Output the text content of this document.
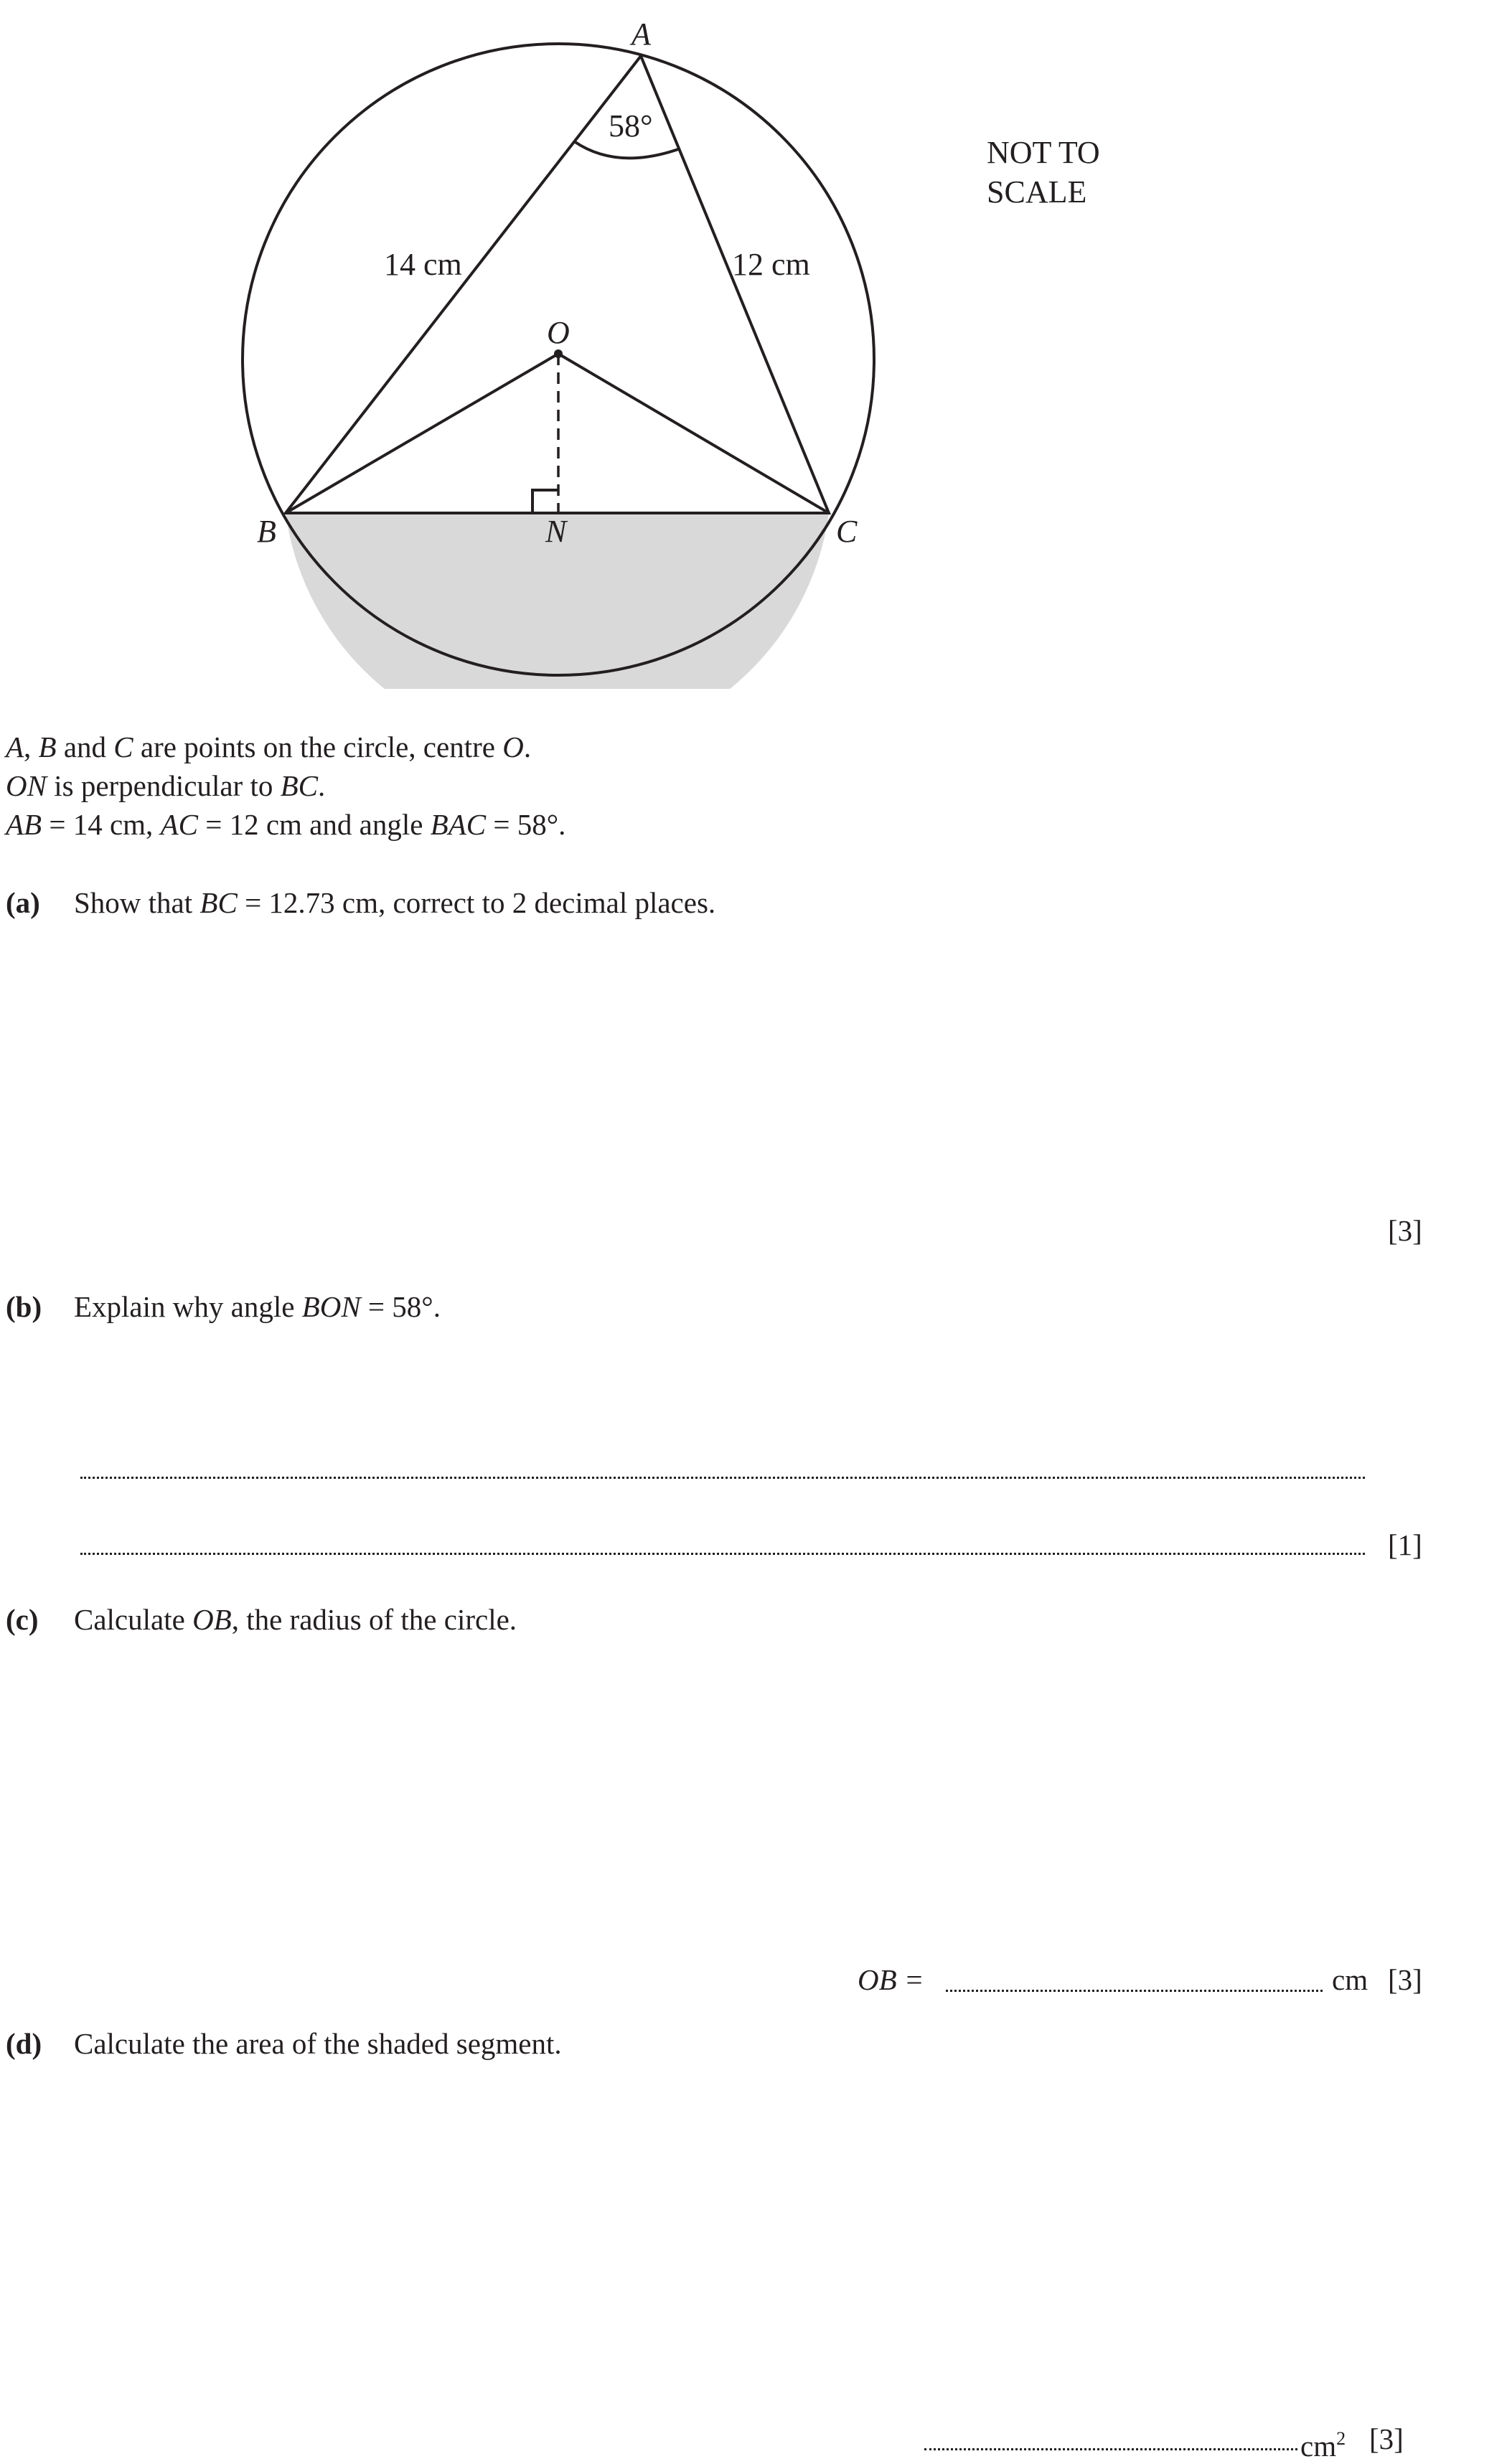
A
B	C
O
N
58°
14 cm	12 cm
NOT TO
SCALE
A, B and C are points on the circle, centre O.
ON is perpendicular to BC.
AB = 14 cm, AC = 12 cm and angle BAC = 58°.
(a) Show that BC = 12.73 cm, correct to 2 decimal places.
[3]
(b) Explain why angle BON = 58°.
[1]
(c) Calculate OB, the radius of the circle.
OB =	cm [3]
(d) Calculate the area of the shaded segment.
$cm^2$ [3]
